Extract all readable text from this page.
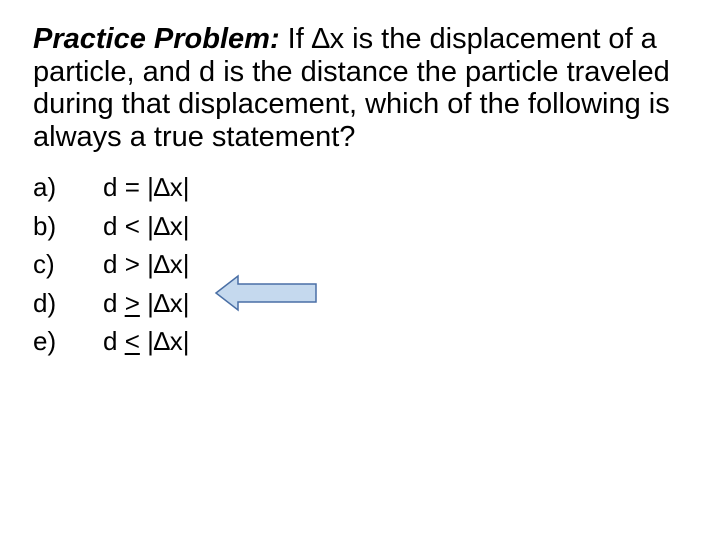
Practice Problem: If ∆x is the displacement of a particle, and d is the distance the particle traveled during that displacement, which of the following is always a true statement?

a) d = |∆x|
b) d < |∆x|
c) d > |∆x|
d) d > |∆x|
e) d < |∆x|
